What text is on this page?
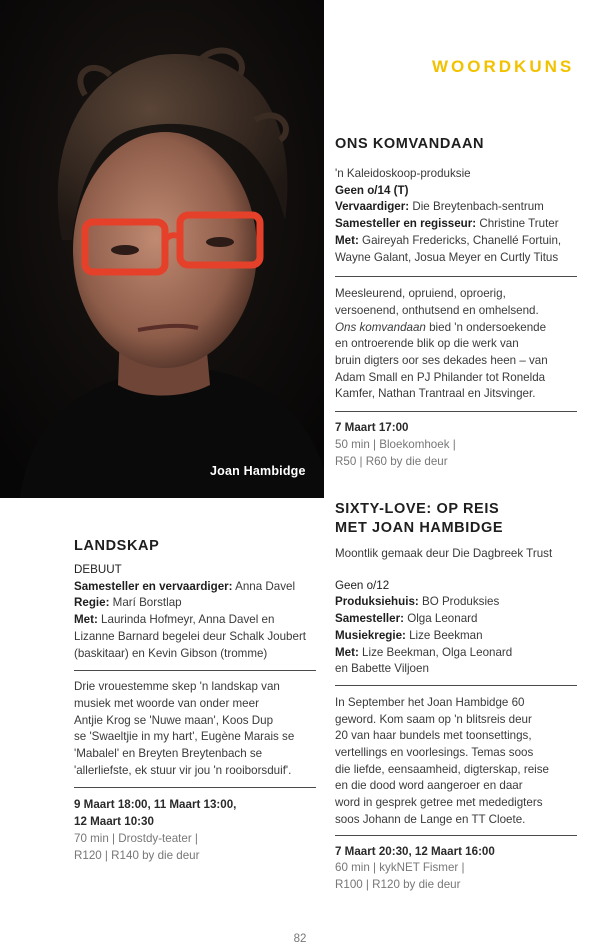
Joan Hambidge
WOORDKUNS
ONS KOMVANDAAN
'n Kaleidoskoop-produksie
Geen o/14 (T)
Vervaardiger: Die Breytenbach-sentrum
Samesteller en regisseur: Christine Truter
Met: Gaireyah Fredericks, Chanellé Fortuin,
Wayne Galant, Josua Meyer en Curtly Titus
Meesleurend, opruiend, oproerig,
versoenend, onthutsend en omhelsend.
Ons komvandaan bied 'n ondersoekende
en ontroerende blik op die werk van
bruin digters oor ses dekades heen – van
Adam Small en PJ Philander tot Ronelda
Kamfer, Nathan Trantraal en Jitsvinger.
7 Maart 17:00
50 min | Bloekomhoek |
R50 | R60 by die deur
SIXTY-LOVE: OP REIS
MET JOAN HAMBIDGE
Moontlik gemaak deur Die Dagbreek Trust
Geen o/12
Produksiehuis: BO Produksies
Samesteller: Olga Leonard
Musiekregie: Lize Beekman
Met: Lize Beekman, Olga Leonard
en Babette Viljoen
In September het Joan Hambidge 60
geword. Kom saam op 'n blitsreis deur
20 van haar bundels met toonsettings,
vertellings en voorlesings. Temas soos
die liefde, eensaamheid, digterskap, reise
en die dood word aangeroer en daar
word in gesprek getree met mededigters
soos Johann de Lange en TT Cloete.
7 Maart 20:30, 12 Maart 16:00
60 min | kykNET Fismer |
R100 | R120 by die deur
LANDSKAP
DEBUUT
Samesteller en vervaardiger: Anna Davel
Regie: Marí Borstlap
Met: Laurinda Hofmeyr, Anna Davel en
Lizanne Barnard begelei deur Schalk Joubert
(baskitaar) en Kevin Gibson (tromme)
Drie vrouestemme skep 'n landskap van
musiek met woorde van onder meer
Antjie Krog se 'Nuwe maan', Koos Dup
se 'Swaeltjie in my hart', Eugène Marais se
'Mabalel' en Breyten Breytenbach se
'allerliefste, ek stuur vir jou 'n rooiborsduif'.
9 Maart 18:00, 11 Maart 13:00,
12 Maart 10:30
70 min | Drostdy-teater |
R120 | R140 by die deur
82
